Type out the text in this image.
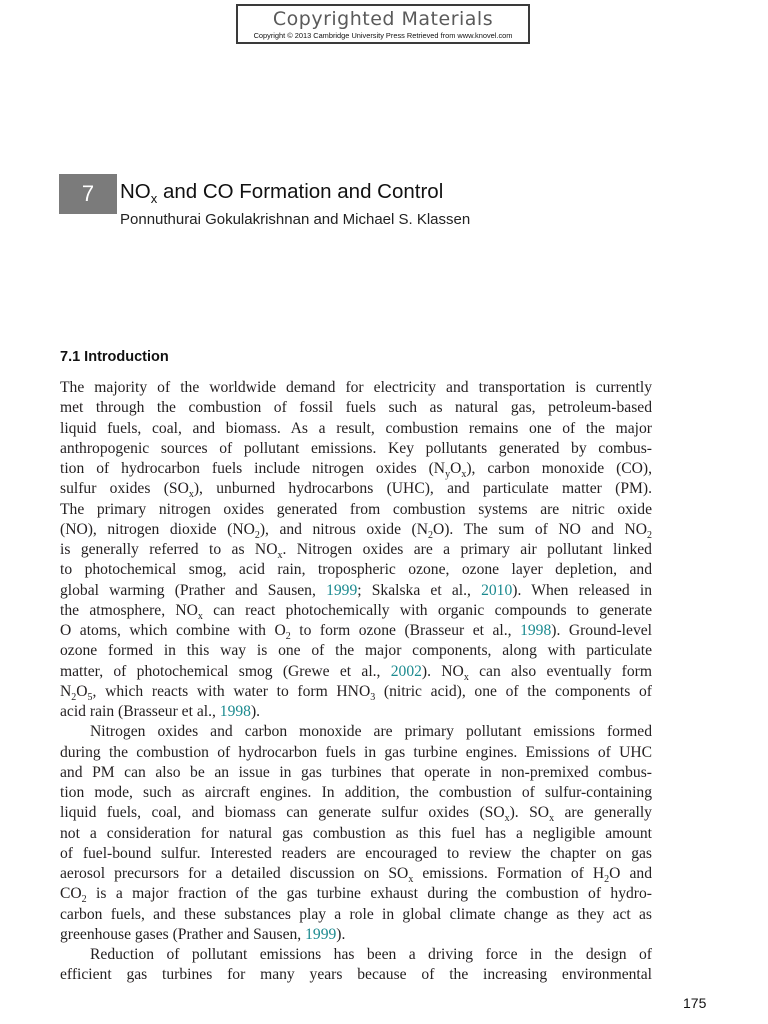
Copyrighted Materials
Copyright © 2013 Cambridge University Press Retrieved from www.knovel.com
7	$NO_x$ and CO Formation and Control
Ponnuthurai Gokulakrishnan and Michael S. Klassen
7.1 Introduction
The majority of the worldwide demand for electricity and transportation is currently
met through the combustion of fossil fuels such as natural gas, petroleum-based
liquid fuels, coal, and biomass. As a result, combustion remains one of the major
anthropogenic sources of pollutant emissions. Key pollutants generated by combus-
tion of hydrocarbon fuels include nitrogen oxides $(N_yO_x)$, carbon monoxide (CO),
sulfur oxides $(SO_x)$, unburned hydrocarbons (UHC), and particulate matter (PM).
The primary nitrogen oxides generated from combustion systems are nitric oxide
(NO), nitrogen dioxide $(NO_2)$, and nitrous oxide $(N_2O)$. The sum of NO and $NO_2$
is generally referred to as $NO_x$. Nitrogen oxides are a primary air pollutant linked
to photochemical smog, acid rain, tropospheric ozone, ozone layer depletion, and
global warming (Prather and Sausen, 1999; Skalska et al., 2010). When released in
the atmosphere, $NO_x$ can react photochemically with organic compounds to generate
O atoms, which combine with $O_2$ to form ozone (Brasseur et al., 1998). Ground-level
ozone formed in this way is one of the major components, along with particulate
matter, of photochemical smog (Grewe et al., 2002). $NO_x$ can also eventually form
$N_2O_5$, which reacts with water to form $HNO_3$ (nitric acid), one of the components of
acid rain (Brasseur et al., 1998).
Nitrogen oxides and carbon monoxide are primary pollutant emissions formed
during the combustion of hydrocarbon fuels in gas turbine engines. Emissions of UHC
and PM can also be an issue in gas turbines that operate in non-premixed combus-
tion mode, such as aircraft engines. In addition, the combustion of sulfur-containing
liquid fuels, coal, and biomass can generate sulfur oxides $(SO_x)$. $SO_x$ are generally
not a consideration for natural gas combustion as this fuel has a negligible amount
of fuel-bound sulfur. Interested readers are encouraged to review the chapter on gas
aerosol precursors for a detailed discussion on $SO_x$ emissions. Formation of $H_2O$ and
$CO_2$ is a major fraction of the gas turbine exhaust during the combustion of hydro-
carbon fuels, and these substances play a role in global climate change as they act as
greenhouse gases (Prather and Sausen, 1999).
Reduction of pollutant emissions has been a driving force in the design of
efficient gas turbines for many years because of the increasing environmental
175
